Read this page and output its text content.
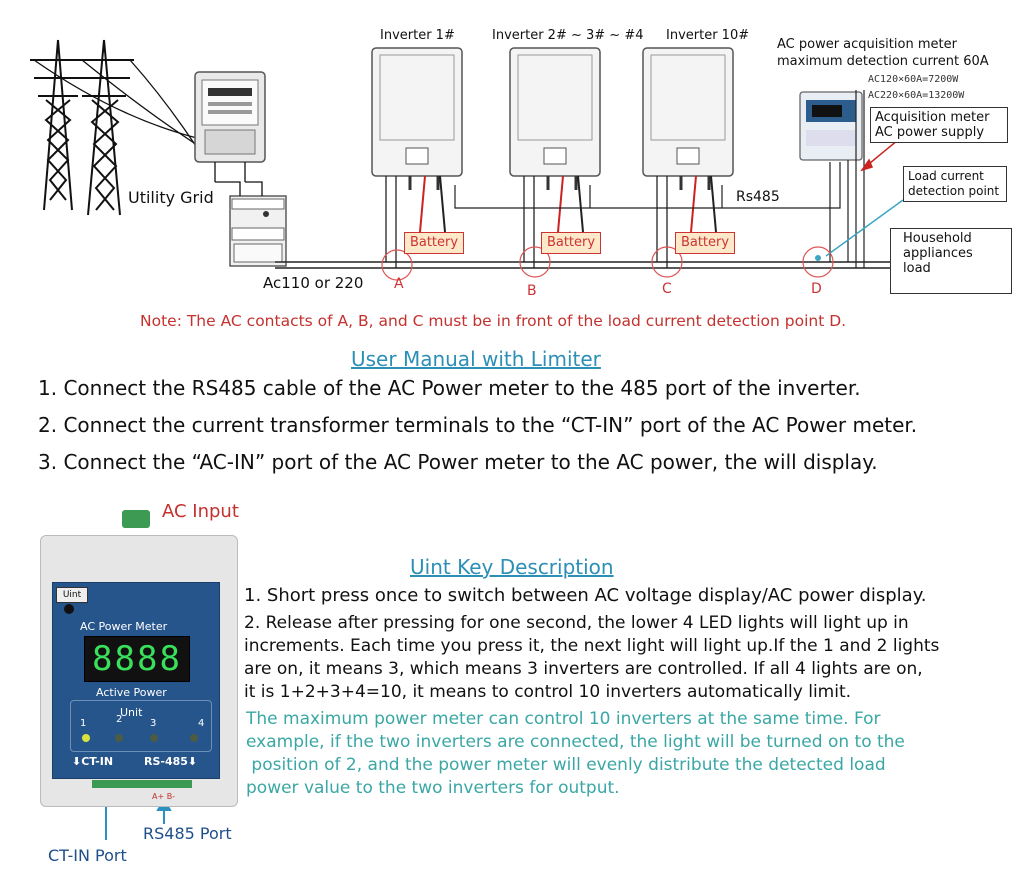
Inverter 1#	Inverter 2# ~ 3# ~ #4 Inverter 10#
AC power acquisition meter
maximum detection current 60A
AC120×60A=7200W
AC220×60A=13200W
Acquisition meter
AC power supply
Load current
detection point
Household
appliances
load
Utility Grid	Rs485
Ac110 or 220
Battery	Battery	Battery
A	B	C	D
Note: The AC contacts of A, B, and C must be in front of the load current detection point D.
User Manual with Limiter
1. Connect the RS485 cable of the AC Power meter to the 485 port of the inverter.
2. Connect the current transformer terminals to the “CT-IN” port of the AC Power meter.
3. Connect the “AC-IN” port of the AC Power meter to the AC power, the will display.
AC Input
Uint
AC Power Meter
8888
Active Power
Unit
1	2	3	4
⬇CT-IN	RS-485⬇
A+ B-
RS485 Port
CT-IN Port
Uint Key Description
1. Short press once to switch between AC voltage display/AC power display.
2. Release after pressing for one second, the lower 4 LED lights will light up in
increments. Each time you press it, the next light will light up.If the 1 and 2 lights
are on, it means 3, which means 3 inverters are controlled. If all 4 lights are on,
it is 1+2+3+4=10, it means to control 10 inverters automatically limit.
The maximum power meter can control 10 inverters at the same time. For
example, if the two inverters are connected, the light will be turned on to the
position of 2, and the power meter will evenly distribute the detected load
power value to the two inverters for output.
